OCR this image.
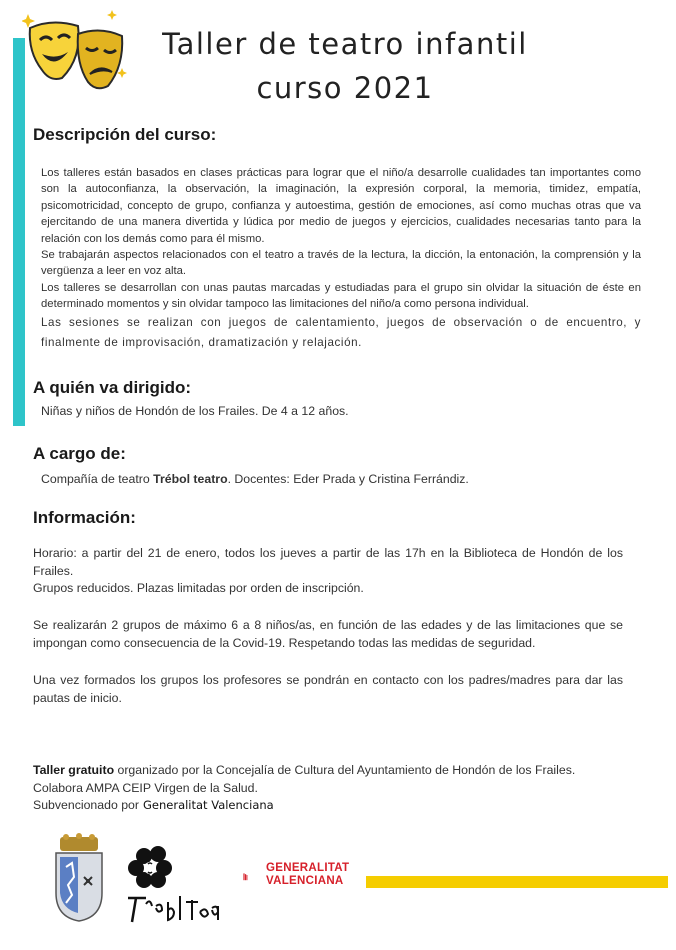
Taller de teatro infantil
curso 2021
Descripción del curso:

Los talleres están basados en clases prácticas para lograr que el niño/a desarrolle cualidades tan importantes como son la autoconfianza, la observación, la imaginación, la expresión corporal, la memoria, timidez, empatía, psicomotricidad, concepto de grupo, confianza y autoestima, gestión de emociones, así como muchas otras que va ejercitando de una manera divertida y lúdica por medio de juegos y ejercicios, cualidades necesarias tanto para la relación con los demás como para él mismo.

Se trabajarán aspectos relacionados con el teatro a través de la lectura, la dicción, la entonación, la comprensión y la vergüenza a leer en voz alta.

Los talleres se desarrollan con unas pautas marcadas y estudiadas para el grupo sin olvidar la situación de éste en determinado momentos y sin olvidar tampoco las limitaciones del niño/a como persona individual.

Las sesiones se realizan con juegos de calentamiento, juegos de observación o de encuentro, y finalmente de improvisación, dramatización y relajación.

A quién va dirigido:
Niñas y niños de Hondón de los Frailes. De 4 a 12 años.
A cargo de:
Compañía de teatro Trébol teatro. Docentes: Eder Prada y Cristina Ferrándiz.
Información:
Horario: a partir del 21 de enero, todos los jueves a partir de las 17h en la Biblioteca de Hondón de los Frailes.
Grupos reducidos. Plazas limitadas por orden de inscripción.
Se realizarán 2 grupos de máximo 6 a 8 niños/as, en función de las edades y de las limitaciones que se impongan como consecuencia de la Covid-19. Respetando todas las medidas de seguridad.
Una vez formados los grupos los profesores se pondrán en contacto con los padres/madres para dar las pautas de inicio.
Taller gratuito organizado por la Concejalía de Cultura del Ayuntamiento de Hondón de los Frailes.
Colabora AMPA CEIP Virgen de la Salud.
Subvencionado por Generalitat Valenciana
GENERALITAT
VALENCIANA
